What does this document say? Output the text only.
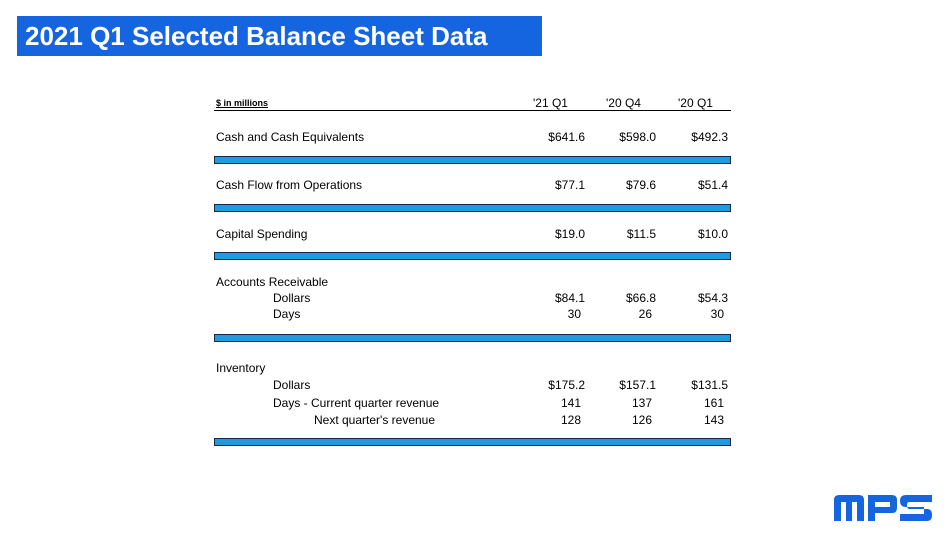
2021 Q1 Selected Balance Sheet Data
$ in millions	'21 Q1	'20 Q4	'20 Q1
Cash and Cash Equivalents	$641.6	$598.0	$492.3
Cash Flow from Operations	$77.1	$79.6	$51.4
Capital Spending	$19.0	$11.5	$10.0
Accounts Receivable
Dollars	$84.1	$66.8	$54.3
Days	30	26	30
Inventory
Dollars	$175.2	$157.1	$131.5
Days - Current quarter revenue	141	137	161
Next quarter's revenue	128	126	143
